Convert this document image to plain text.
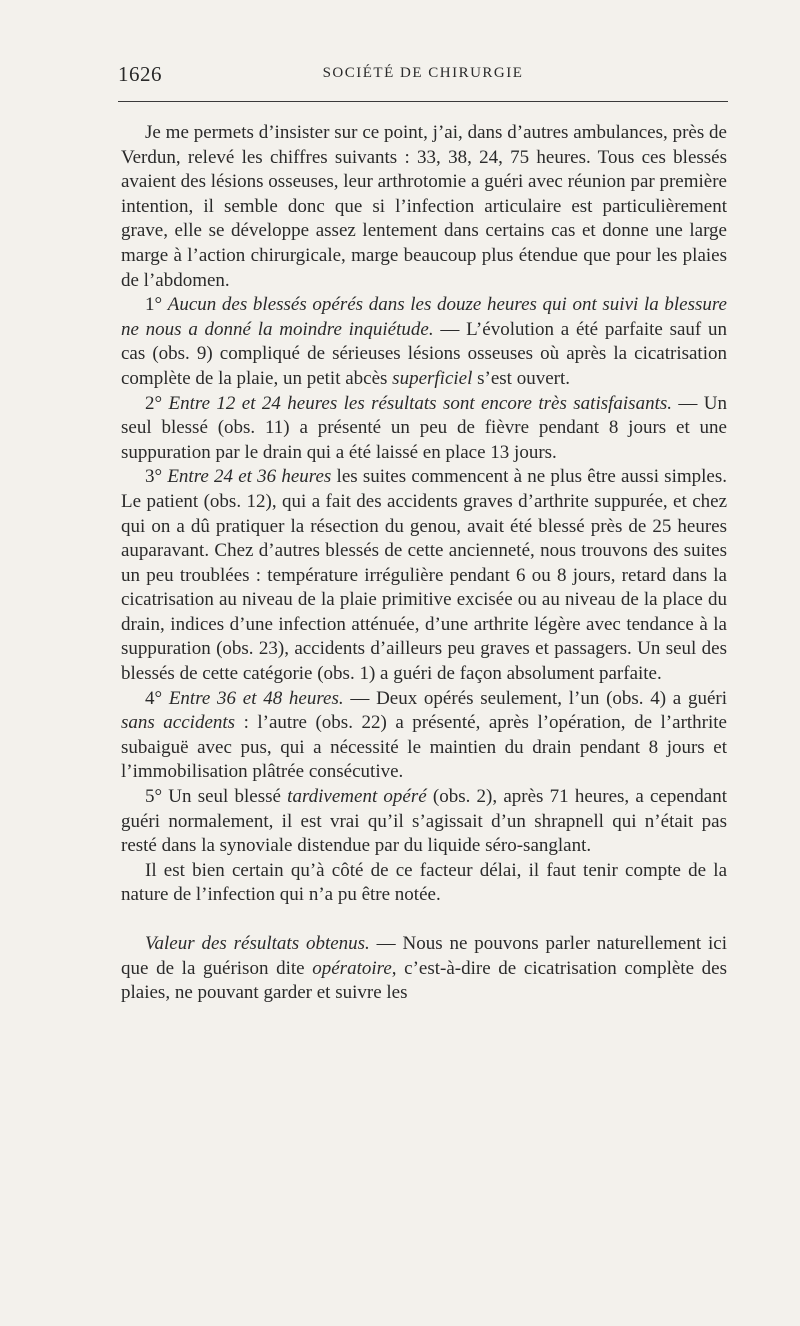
1626	SOCIÉTÉ DE CHIRURGIE

Je me permets d’insister sur ce point, j’ai, dans d’autres ambulances, près de Verdun, relevé les chiffres suivants : 33, 38, 24, 75 heures. Tous ces blessés avaient des lésions osseuses, leur arthrotomie a guéri avec réunion par première intention, il semble donc que si l’infection articulaire est particulièrement grave, elle se développe assez lentement dans certains cas et donne une large marge à l’action chirurgicale, marge beaucoup plus étendue que pour les plaies de l’abdomen.

1° Aucun des blessés opérés dans les douze heures qui ont suivi la blessure ne nous a donné la moindre inquiétude. — L’évolution a été parfaite sauf un cas (obs. 9) compliqué de sérieuses lésions osseuses où après la cicatrisation complète de la plaie, un petit abcès superficiel s’est ouvert.

2° Entre 12 et 24 heures les résultats sont encore très satisfaisants. — Un seul blessé (obs. 11) a présenté un peu de fièvre pendant 8 jours et une suppuration par le drain qui a été laissé en place 13 jours.

3° Entre 24 et 36 heures les suites commencent à ne plus être aussi simples. Le patient (obs. 12), qui a fait des accidents graves d’arthrite suppurée, et chez qui on a dû pratiquer la résection du genou, avait été blessé près de 25 heures auparavant. Chez d’autres blessés de cette ancienneté, nous trouvons des suites un peu troublées : température irrégulière pendant 6 ou 8 jours, retard dans la cicatrisation au niveau de la plaie primitive excisée ou au niveau de la place du drain, indices d’une infection atténuée, d’une arthrite légère avec tendance à la suppuration (obs. 23), accidents d’ailleurs peu graves et passagers. Un seul des blessés de cette catégorie (obs. 1) a guéri de façon absolument parfaite.

4° Entre 36 et 48 heures. — Deux opérés seulement, l’un (obs. 4) a guéri sans accidents : l’autre (obs. 22) a présenté, après l’opération, de l’arthrite subaiguë avec pus, qui a nécessité le maintien du drain pendant 8 jours et l’immobilisation plâtrée consécutive.

5° Un seul blessé tardivement opéré (obs. 2), après 71 heures, a cependant guéri normalement, il est vrai qu’il s’agissait d’un shrapnell qui n’était pas resté dans la synoviale distendue par du liquide séro-sanglant.

Il est bien certain qu’à côté de ce facteur délai, il faut tenir compte de la nature de l’infection qui n’a pu être notée.

Valeur des résultats obtenus. — Nous ne pouvons parler naturellement ici que de la guérison dite opératoire, c’est-à-dire de cicatrisation complète des plaies, ne pouvant garder et suivre les
